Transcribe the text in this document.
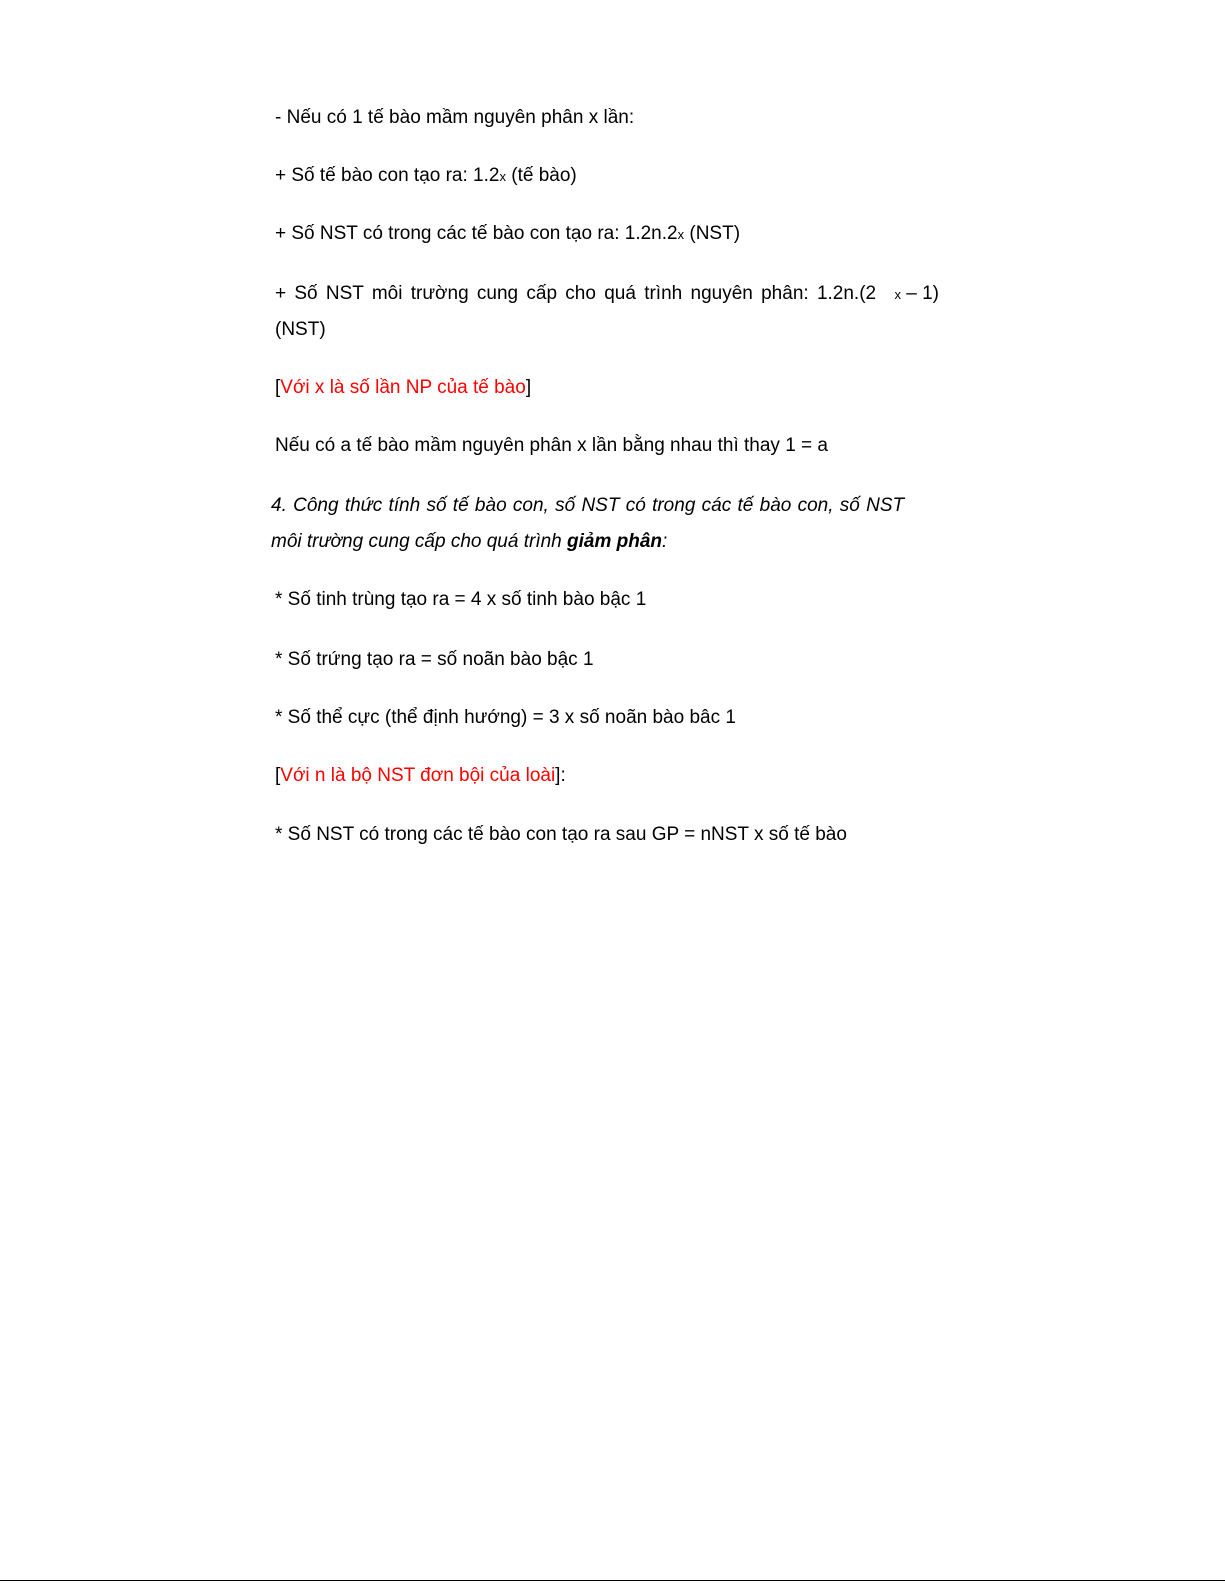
- Nếu có 1 tế bào mầm nguyên phân x lần:
+ Số tế bào con tạo ra: 1.2x (tế bào)
+ Số NST có trong các tế bào con tạo ra: 1.2n.2x (NST)
+ Số NST môi trường cung cấp cho quá trình nguyên phân: 1.2n.(2 x – 1)
(NST)
[Với x là số lần NP của tế bào]
Nếu có a tế bào mầm nguyên phân x lần bằng nhau thì thay 1 = a
4. Công thức tính số tế bào con, số NST có trong các tế bào con, số NST
môi trường cung cấp cho quá trình giảm phân:
* Số tinh trùng tạo ra = 4 x số tinh bào bậc 1
* Số trứng tạo ra = số noãn bào bậc 1
* Số thể cực (thể định hướng) = 3 x số noãn bào bâc 1
[Với n là bộ NST đơn bội của loài]:
* Số NST có trong các tế bào con tạo ra sau GP = nNST x số tế bào
